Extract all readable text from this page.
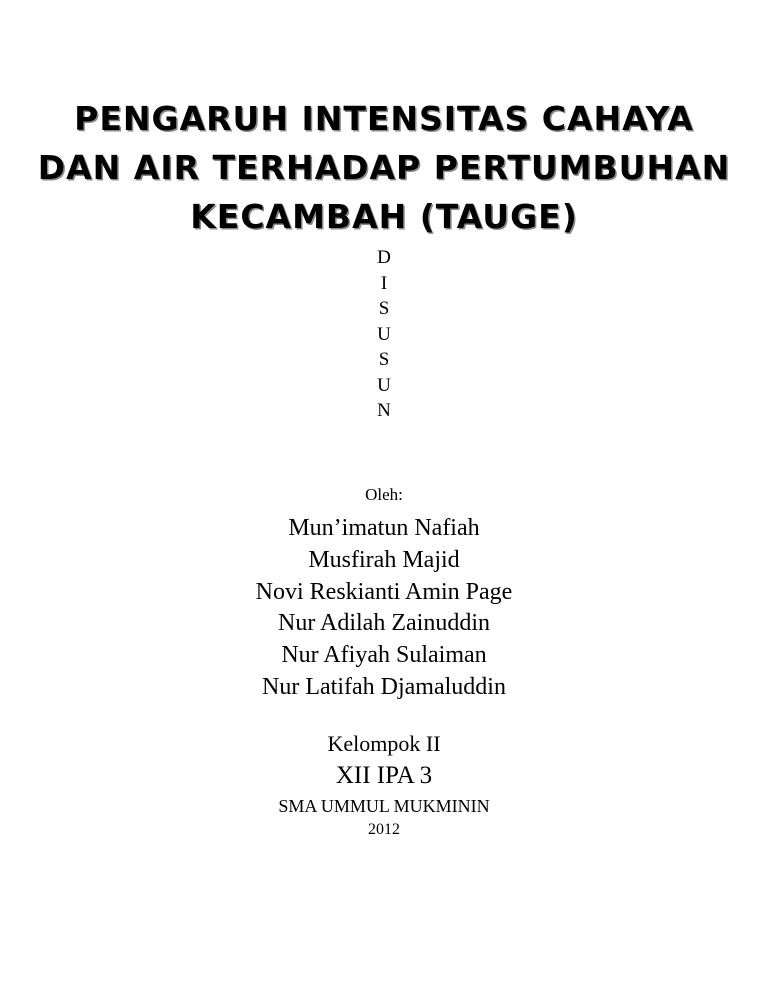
PENGARUH INTENSITAS CAHAYA
DAN AIR TERHADAP PERTUMBUHAN
KECAMBAH (TAUGE)
D
I
S
U
S
U
N
Oleh:
Mun’imatun Nafiah
Musfirah Majid
Novi Reskianti Amin Page
Nur Adilah Zainuddin
Nur Afiyah Sulaiman
Nur Latifah Djamaluddin
Kelompok II
XII IPA 3
SMA UMMUL MUKMININ
2012
